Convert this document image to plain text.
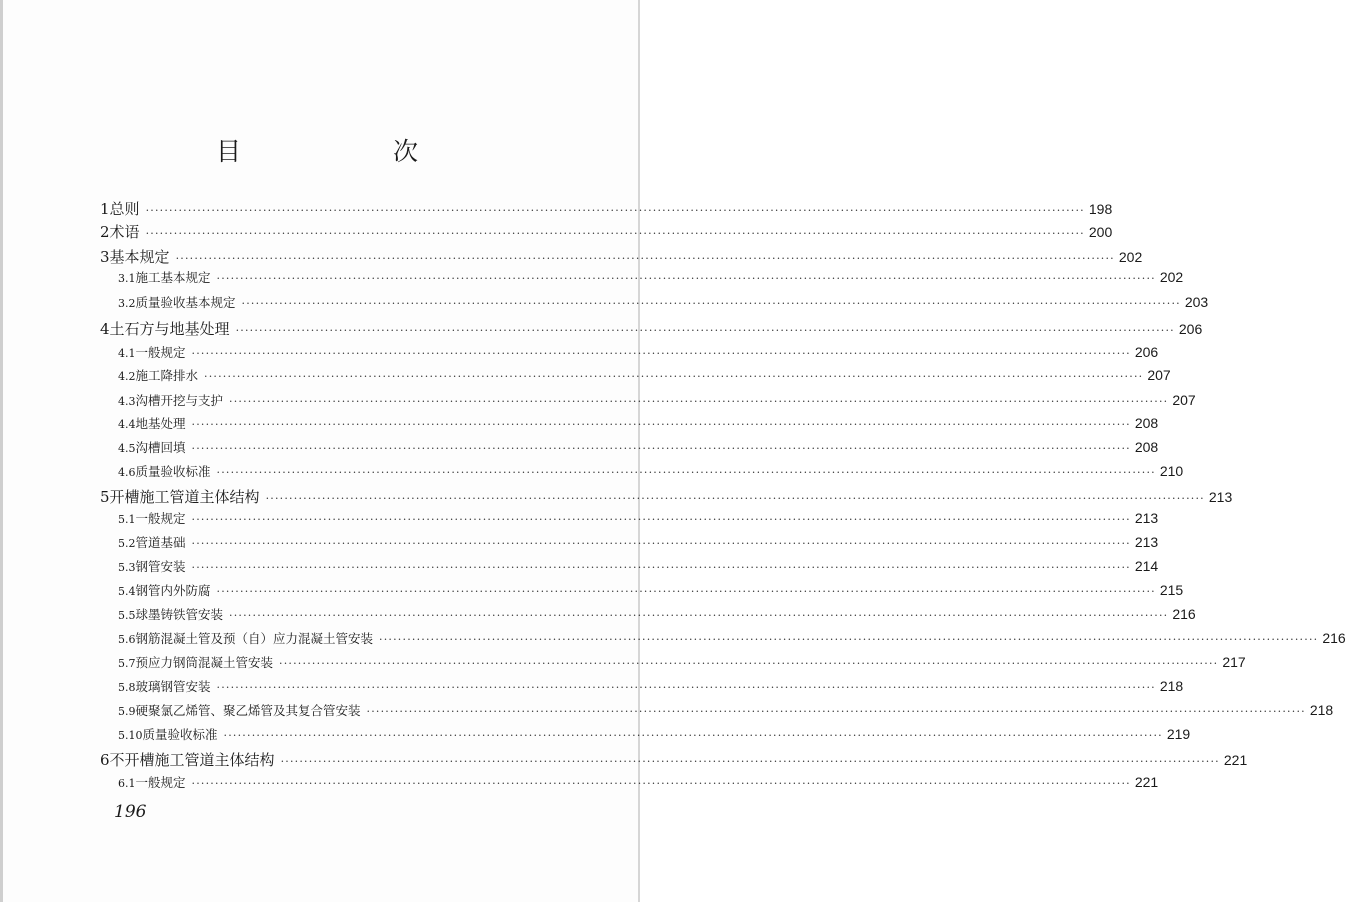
目　　次
1 总则 ········································································································································································································ 198
2 术语 ········································································································································································································ 200
3 基本规定 ········································································································································································································ 202
3.1 施工基本规定 ········································································································································································································ 202
3.2 质量验收基本规定 ········································································································································································································ 203
4 土石方与地基处理 ········································································································································································································ 206
4.1 一般规定 ········································································································································································································ 206
4.2 施工降排水 ········································································································································································································ 207
4.3 沟槽开挖与支护 ········································································································································································································ 207
4.4 地基处理 ········································································································································································································ 208
4.5 沟槽回填 ········································································································································································································ 208
4.6 质量验收标准 ········································································································································································································ 210
5 开槽施工管道主体结构 ········································································································································································································ 213
5.1 一般规定 ········································································································································································································ 213
5.2 管道基础 ········································································································································································································ 213
5.3 钢管安装 ········································································································································································································ 214
5.4 钢管内外防腐 ········································································································································································································ 215
5.5 球墨铸铁管安装 ········································································································································································································ 216
5.6 钢筋混凝土管及预（自）应力混凝土管安装 ········································································································································································································ 216
5.7 预应力钢筒混凝土管安装 ········································································································································································································ 217
5.8 玻璃钢管安装 ········································································································································································································ 218
5.9 硬聚氯乙烯管、聚乙烯管及其复合管安装 ········································································································································································································ 218
5.10 质量验收标准 ········································································································································································································ 219
6 不开槽施工管道主体结构 ········································································································································································································ 221
6.1 一般规定 ········································································································································································································ 221
196
